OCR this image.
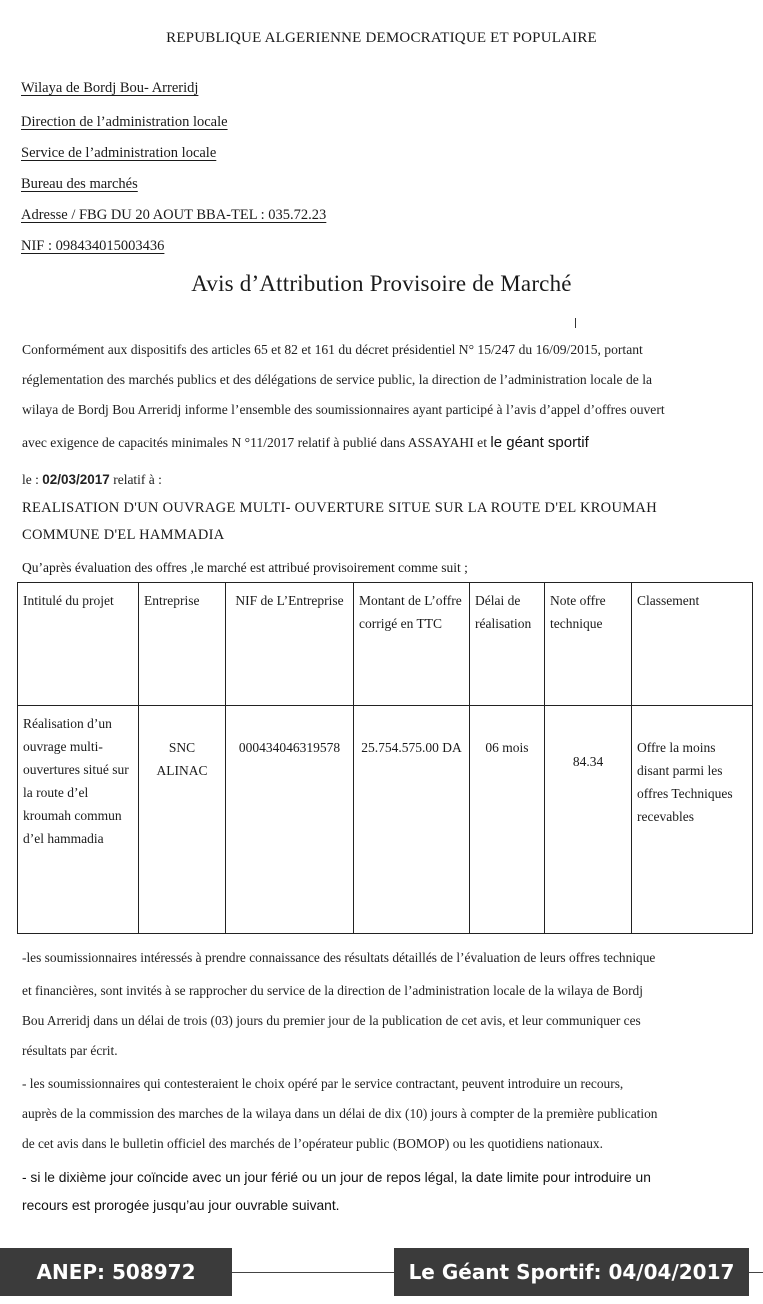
REPUBLIQUE ALGERIENNE DEMOCRATIQUE ET POPULAIRE
Wilaya de Bordj Bou- Arreridj
Direction de l’administration locale
Service de l’administration locale
Bureau des marchés
Adresse / FBG DU 20 AOUT BBA-TEL : 035.72.23
NIF : 098434015003436
Avis d’Attribution Provisoire de Marché
Conformément aux dispositifs des articles 65 et 82 et 161 du décret présidentiel N° 15/247 du 16/09/2015, portant
réglementation des marchés publics et des délégations de service public, la direction de l’administration locale de la
wilaya de Bordj Bou Arreridj informe l’ensemble des soumissionnaires ayant participé à l’avis d’appel d’offres ouvert
avec exigence de capacités minimales N °11/2017 relatif à publié dans ASSAYAHI et le géant sportif
le : 02/03/2017 relatif à :
REALISATION D'UN OUVRAGE MULTI- OUVERTURE SITUE SUR LA ROUTE D'EL KROUMAH
COMMUNE D'EL HAMMADIA
Qu’après évaluation des offres ,le marché est attribué provisoirement comme suit ;
Intitulé du projet	Entreprise	NIF de L’Entreprise	Montant de L’offre corrigé en TTC	Délai de réalisation	Note offre technique	Classement
Réalisation d’un ouvrage multi-ouvertures situé sur la route d’el kroumah commun d’el hammadia	SNC ALINAC	000434046319578	25.754.575.00 DA	06 mois	84.34	Offre la moins disant parmi les offres Techniques recevables
-les soumissionnaires intéressés à prendre connaissance des résultats détaillés de l’évaluation de leurs offres technique
et financières, sont invités à se rapprocher du service de la direction de l’administration locale de la wilaya de Bordj
Bou Arreridj dans un délai de trois (03) jours du premier jour de la publication de cet avis, et leur communiquer ces
résultats par écrit.
- les soumissionnaires qui contesteraient le choix opéré par le service contractant, peuvent introduire un recours,
auprès de la commission des marches de la wilaya dans un délai de dix (10) jours à compter de la première publication
de cet avis dans le bulletin officiel des marchés de l’opérateur public (BOMOP) ou les quotidiens nationaux.
- si le dixième jour coïncide avec un jour férié ou un jour de repos légal, la date limite pour introduire un
recours est prorogée jusqu’au jour ouvrable suivant.
ANEP: 508972	Le Géant Sportif: 04/04/2017
